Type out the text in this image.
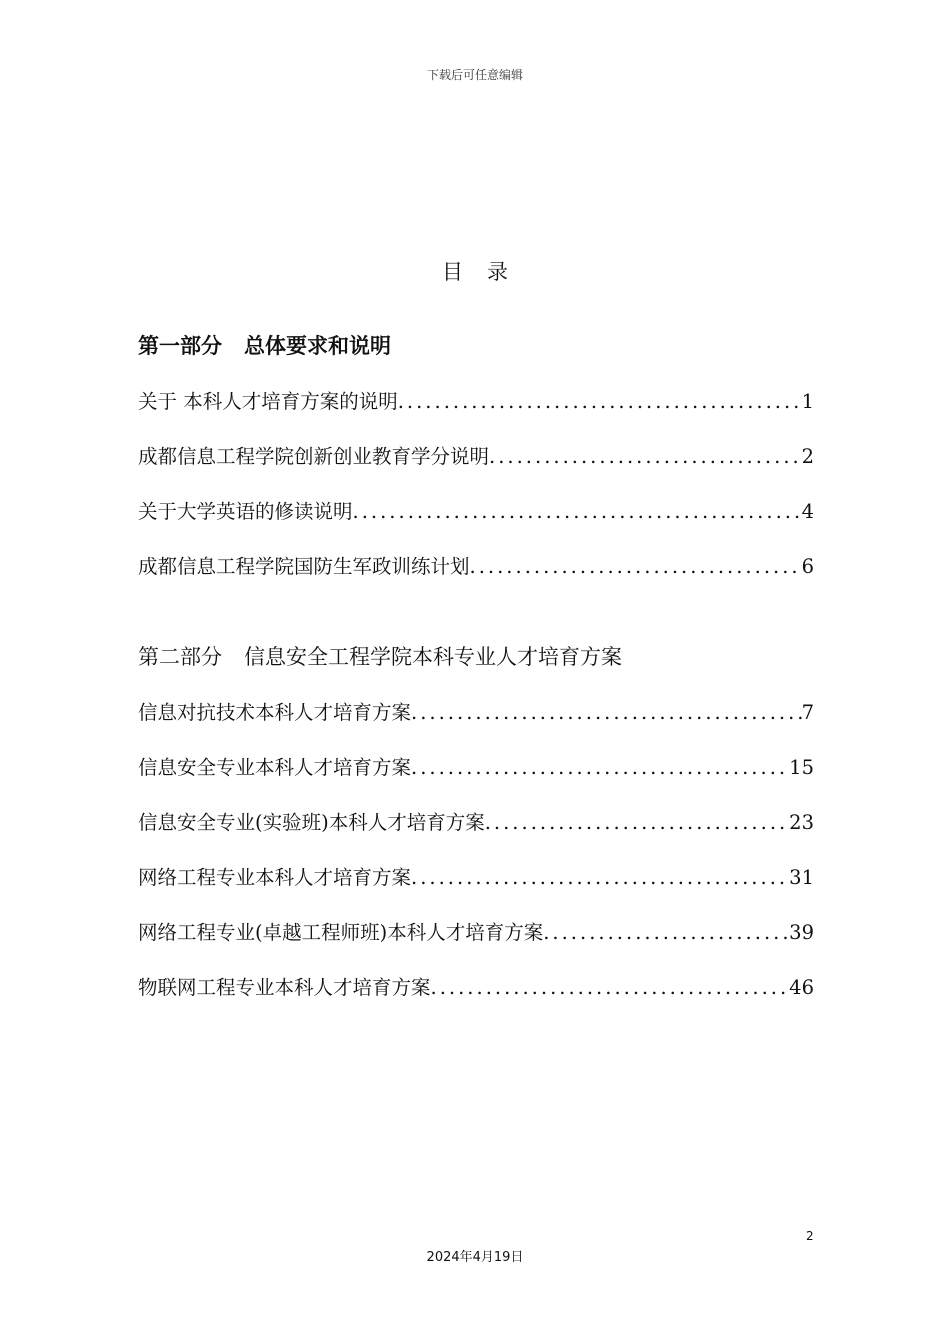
下载后可任意编辑
目录
第一部分 总体要求和说明
关于 本科人才培育方案的说明 . . .	1
成都信息工程学院创新创业教育学分说明 . . .	2
关于大学英语的修读说明 . . .	4
成都信息工程学院国防生军政训练计划 . . .	6
第二部分 信息安全工程学院本科专业人才培育方案
信息对抗技术本科人才培育方案 . . .	7
信息安全专业本科人才培育方案 . . .	15
信息安全专业(实验班)本科人才培育方案 . . .	23
网络工程专业本科人才培育方案 . . .	31
网络工程专业(卓越工程师班)本科人才培育方案 . . .	39
物联网工程专业本科人才培育方案 . . .	46
2
2024年4月19日
